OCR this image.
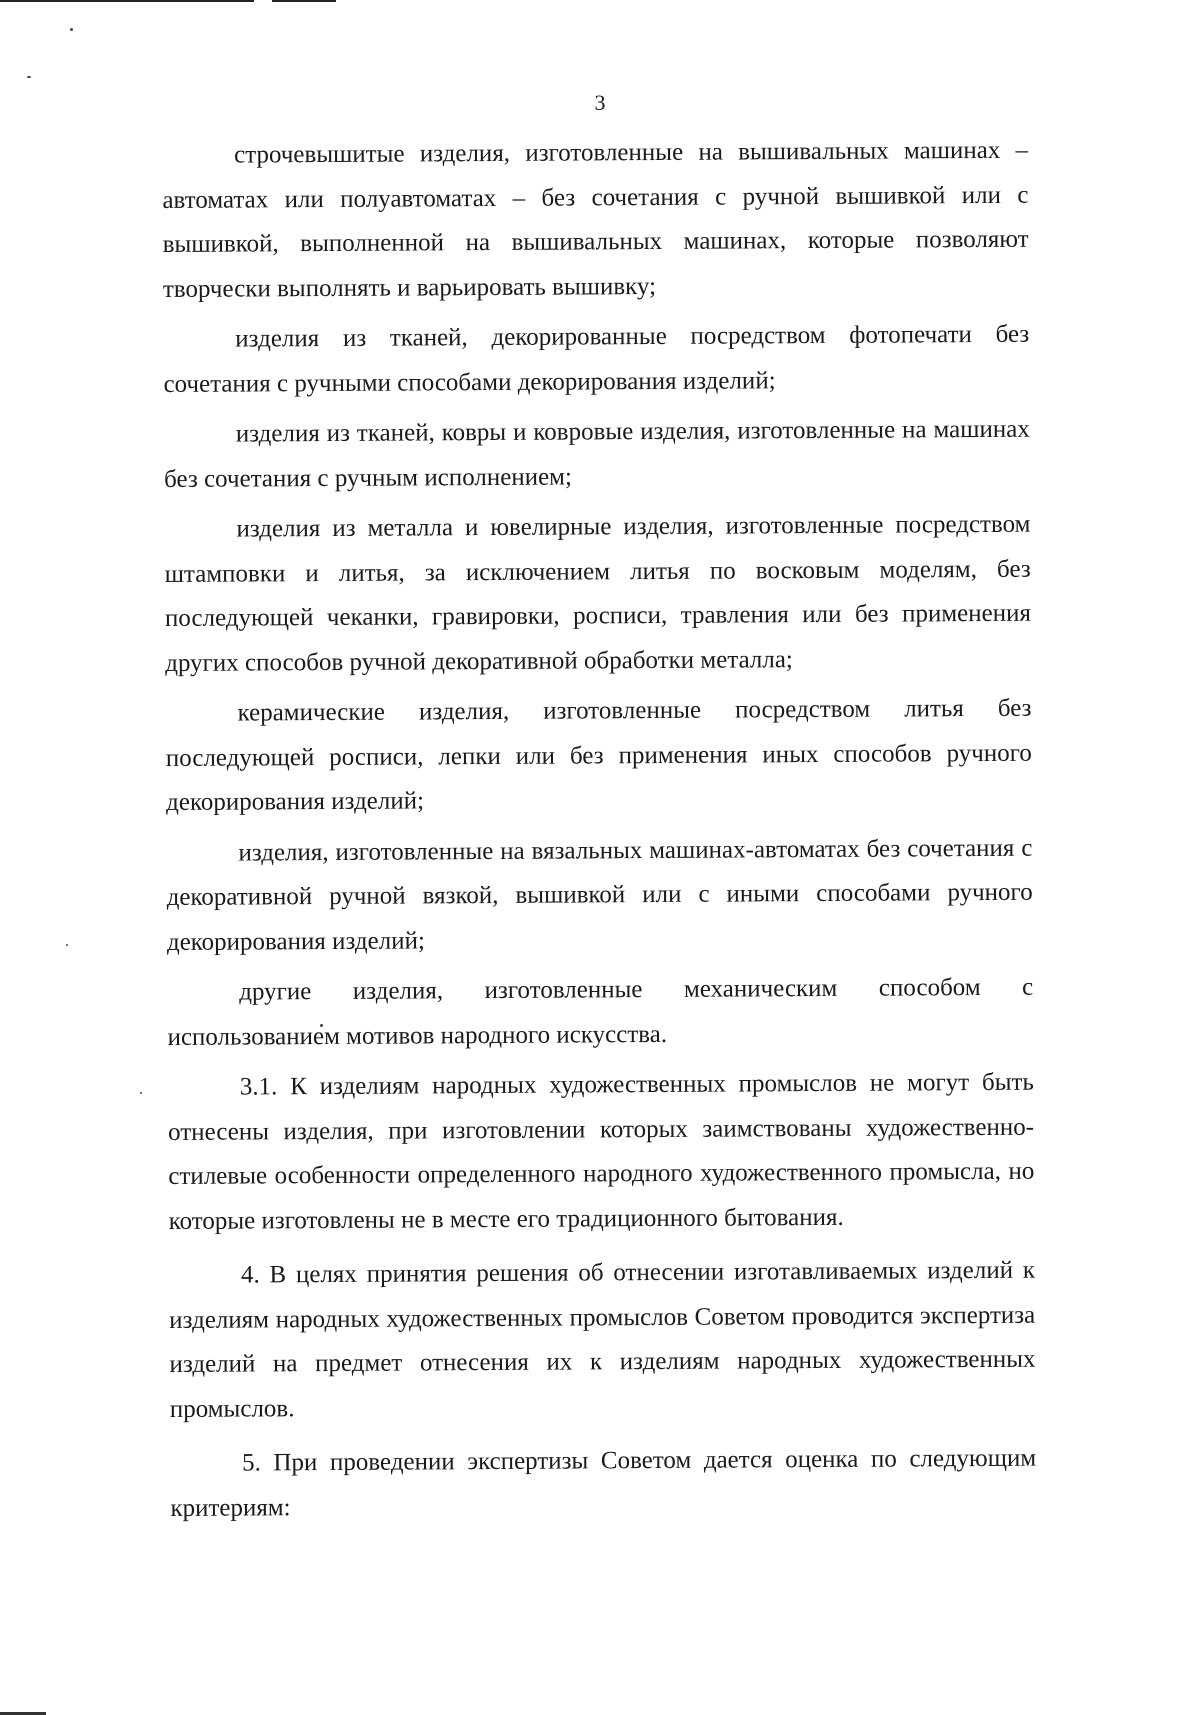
3

строчевышитые изделия, изготовленные на вышивальных машинах – автоматах или полуавтоматах – без сочетания с ручной вышивкой или с вышивкой, выполненной на вышивальных машинах, которые позволяют творчески выполнять и варьировать вышивку;

изделия из тканей, декорированные посредством фотопечати без сочетания с ручными способами декорирования изделий;

изделия из тканей, ковры и ковровые изделия, изготовленные на машинах без сочетания с ручным исполнением;

изделия из металла и ювелирные изделия, изготовленные посредством штамповки и литья, за исключением литья по восковым моделям, без последующей чеканки, гравировки, росписи, травления или без применения других способов ручной декоративной обработки металла;

керамические изделия, изготовленные посредством литья без последующей росписи, лепки или без применения иных способов ручного декорирования изделий;

изделия, изготовленные на вязальных машинах-автоматах без сочетания с декоративной ручной вязкой, вышивкой или с иными способами ручного декорирования изделий;

другие изделия, изготовленные механическим способом с использованием мотивов народного искусства.

3.1. К изделиям народных художественных промыслов не могут быть отнесены изделия, при изготовлении которых заимствованы художественно-стилевые особенности определенного народного художественного промысла, но которые изготовлены не в месте его традиционного бытования.

4. В целях принятия решения об отнесении изготавливаемых изделий к изделиям народных художественных промыслов Советом проводится экспертиза изделий на предмет отнесения их к изделиям народных художественных промыслов.

5. При проведении экспертизы Советом дается оценка по следующим критериям:
